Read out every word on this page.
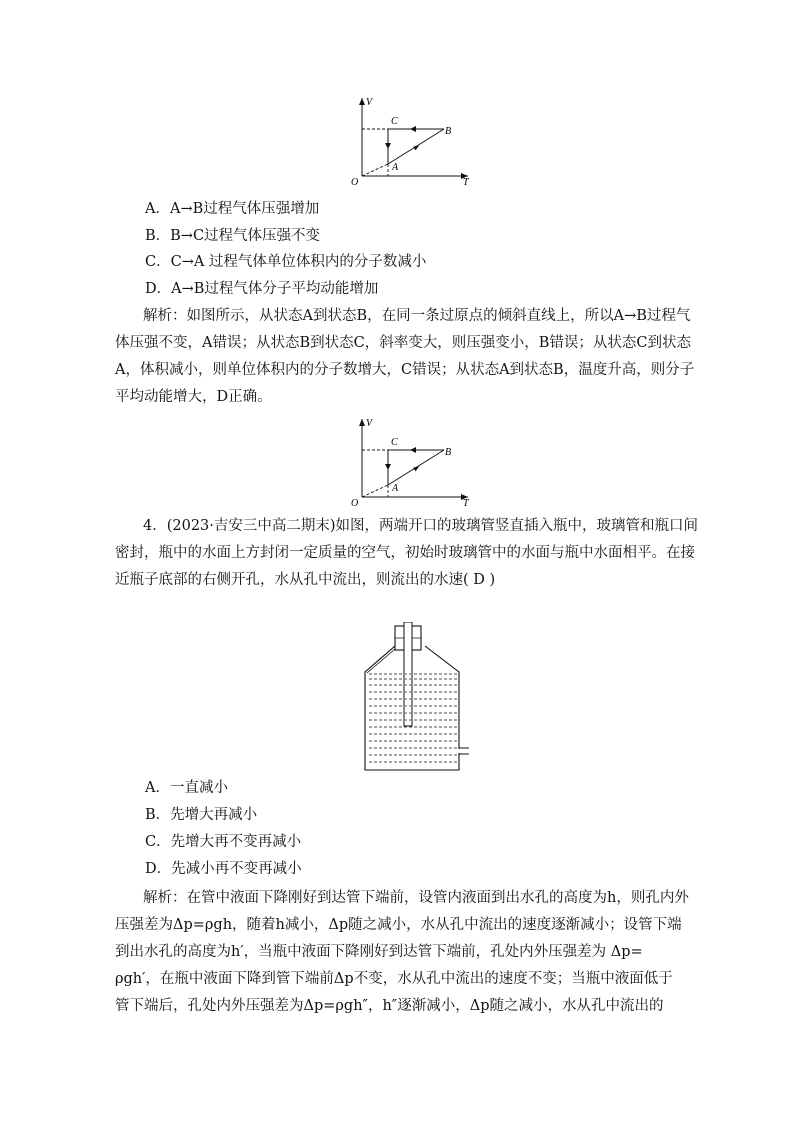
V
T
O
A
B
C
A．A→B过程气体压强增加
B．B→C过程气体压强不变
C．C→A 过程气体单位体积内的分子数减小
D．A→B过程气体分子平均动能增加
解析：如图所示，从状态A到状态B，在同一条过原点的倾斜直线上，所以A→B过程气
体压强不变，A错误；从状态B到状态C，斜率变大，则压强变小，B错误；从状态C到状态
A，体积减小，则单位体积内的分子数增大，C错误；从状态A到状态B，温度升高，则分子
平均动能增大，D正确。
V
T
O
A
B
C
4．(2023·吉安三中高二期末)如图，两端开口的玻璃管竖直插入瓶中，玻璃管和瓶口间
密封，瓶中的水面上方封闭一定质量的空气，初始时玻璃管中的水面与瓶中水面相平。在接
近瓶子底部的右侧开孔，水从孔中流出，则流出的水速( D )
A．一直减小
B．先增大再减小
C．先增大再不变再减小
D．先减小再不变再减小
解析：在管中液面下降刚好到达管下端前，设管内液面到出水孔的高度为h，则孔内外
压强差为Δp=ρgh，随着h减小，Δp随之减小，水从孔中流出的速度逐渐减小；设管下端
到出水孔的高度为h′，当瓶中液面下降刚好到达管下端前，孔处内外压强差为 Δp=
ρgh′，在瓶中液面下降到管下端前Δp不变，水从孔中流出的速度不变；当瓶中液面低于
管下端后，孔处内外压强差为Δp=ρgh″，h″逐渐减小，Δp随之减小，水从孔中流出的
